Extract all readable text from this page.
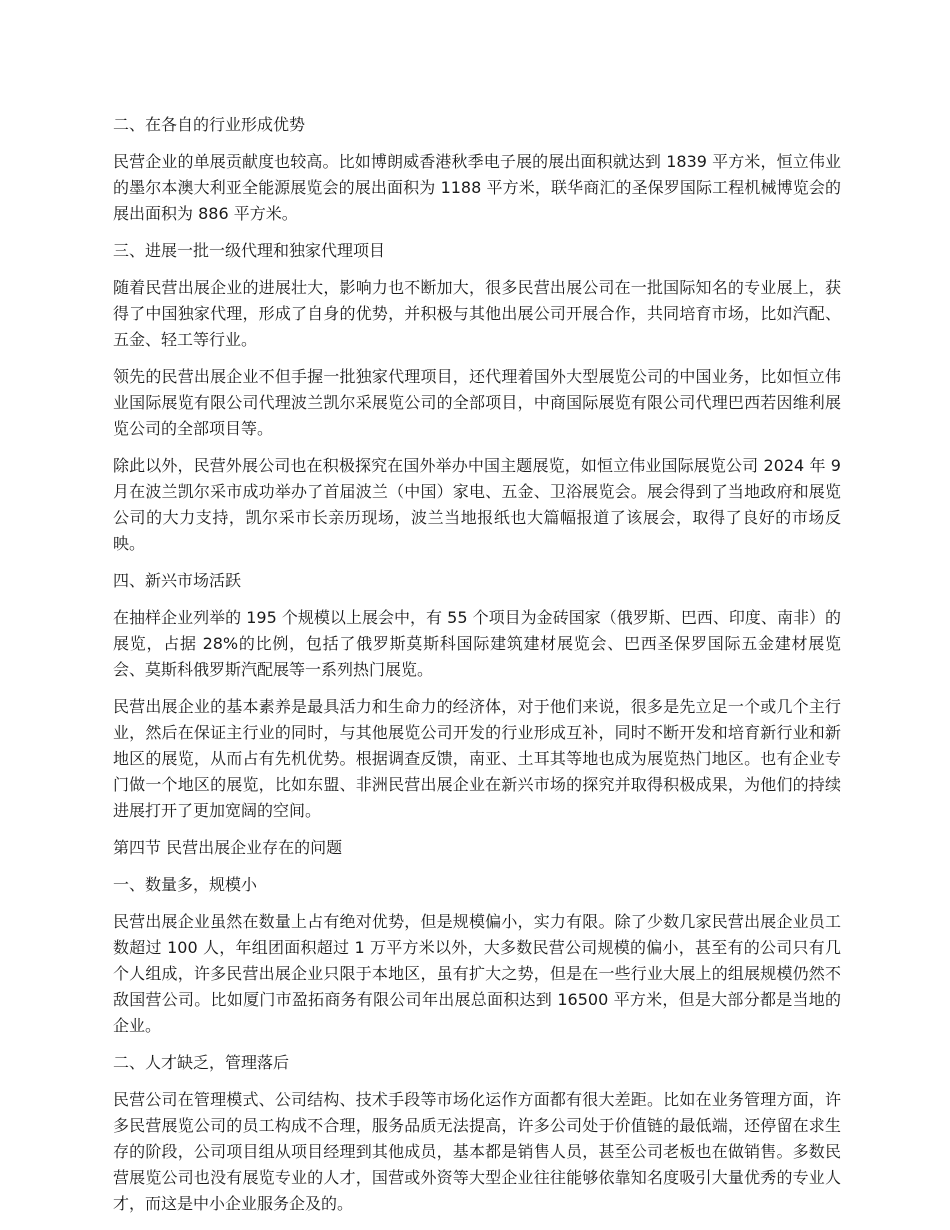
二、在各自的行业形成优势

民营企业的单展贡献度也较高。比如博朗威香港秋季电子展的展出面积就达到 1839 平方米，恒立伟业的墨尔本澳大利亚全能源展览会的展出面积为 1188 平方米，联华商汇的圣保罗国际工程机械博览会的展出面积为 886 平方米。

三、进展一批一级代理和独家代理项目

随着民营出展企业的进展壮大，影响力也不断加大，很多民营出展公司在一批国际知名的专业展上，获得了中国独家代理，形成了自身的优势，并积极与其他出展公司开展合作，共同培育市场，比如汽配、五金、轻工等行业。

领先的民营出展企业不但手握一批独家代理项目，还代理着国外大型展览公司的中国业务，比如恒立伟业国际展览有限公司代理波兰凯尔采展览公司的全部项目，中商国际展览有限公司代理巴西若因维利展览公司的全部项目等。

除此以外，民营外展公司也在积极探究在国外举办中国主题展览，如恒立伟业国际展览公司 2024 年 9 月在波兰凯尔采市成功举办了首届波兰（中国）家电、五金、卫浴展览会。展会得到了当地政府和展览公司的大力支持，凯尔采市长亲历现场，波兰当地报纸也大篇幅报道了该展会，取得了良好的市场反映。

四、新兴市场活跃

在抽样企业列举的 195 个规模以上展会中，有 55 个项目为金砖国家（俄罗斯、巴西、印度、南非）的展览，占据 28%的比例，包括了俄罗斯莫斯科国际建筑建材展览会、巴西圣保罗国际五金建材展览会、莫斯科俄罗斯汽配展等一系列热门展览。

民营出展企业的基本素养是最具活力和生命力的经济体，对于他们来说，很多是先立足一个或几个主行业，然后在保证主行业的同时，与其他展览公司开发的行业形成互补，同时不断开发和培育新行业和新地区的展览，从而占有先机优势。根据调查反馈，南亚、土耳其等地也成为展览热门地区。也有企业专门做一个地区的展览，比如东盟、非洲民营出展企业在新兴市场的探究并取得积极成果，为他们的持续进展打开了更加宽阔的空间。

第四节 民营出展企业存在的问题

一、数量多，规模小

民营出展企业虽然在数量上占有绝对优势，但是规模偏小，实力有限。除了少数几家民营出展企业员工数超过 100 人，年组团面积超过 1 万平方米以外，大多数民营公司规模的偏小，甚至有的公司只有几个人组成，许多民营出展企业只限于本地区，虽有扩大之势，但是在一些行业大展上的组展规模仍然不敌国营公司。比如厦门市盈拓商务有限公司年出展总面积达到 16500 平方米，但是大部分都是当地的企业。

二、人才缺乏，管理落后

民营公司在管理模式、公司结构、技术手段等市场化运作方面都有很大差距。比如在业务管理方面，许多民营展览公司的员工构成不合理，服务品质无法提高，许多公司处于价值链的最低端，还停留在求生存的阶段，公司项目组从项目经理到其他成员，基本都是销售人员，甚至公司老板也在做销售。多数民营展览公司也没有展览专业的人才，国营或外资等大型企业往往能够依靠知名度吸引大量优秀的专业人才，而这是中小企业服务企及的。
